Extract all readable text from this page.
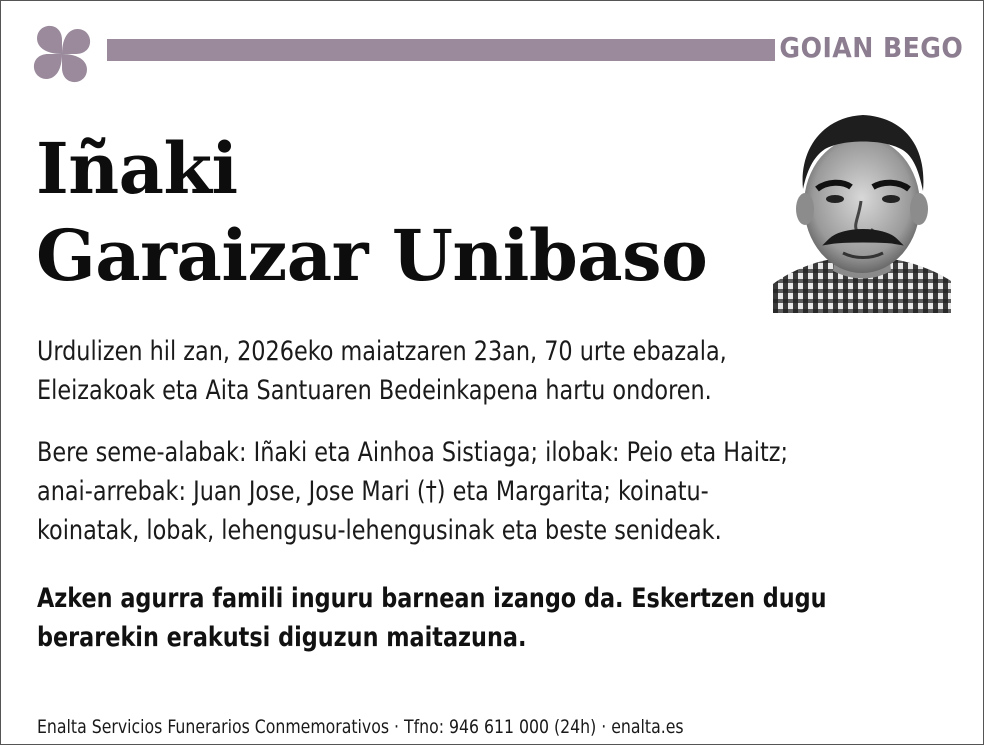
GOIAN BEGO
Iñaki
Garaizar Unibaso
Urdulizen hil zan, 2026eko maiatzaren 23an, 70 urte ebazala,
Eleizakoak eta Aita Santuaren Bedeinkapena hartu ondoren.
Bere seme-alabak: Iñaki eta Ainhoa Sistiaga; ilobak: Peio eta Haitz;
anai-arrebak: Juan Jose, Jose Mari (†) eta Margarita; koinatu-
koinatak, lobak, lehengusu-lehengusinak eta beste senideak.
Azken agurra famili inguru barnean izango da. Eskertzen dugu
berarekin erakutsi diguzun maitazuna.
Enalta Servicios Funerarios Conmemorativos · Tfno: 946 611 000 (24h) · enalta.es
